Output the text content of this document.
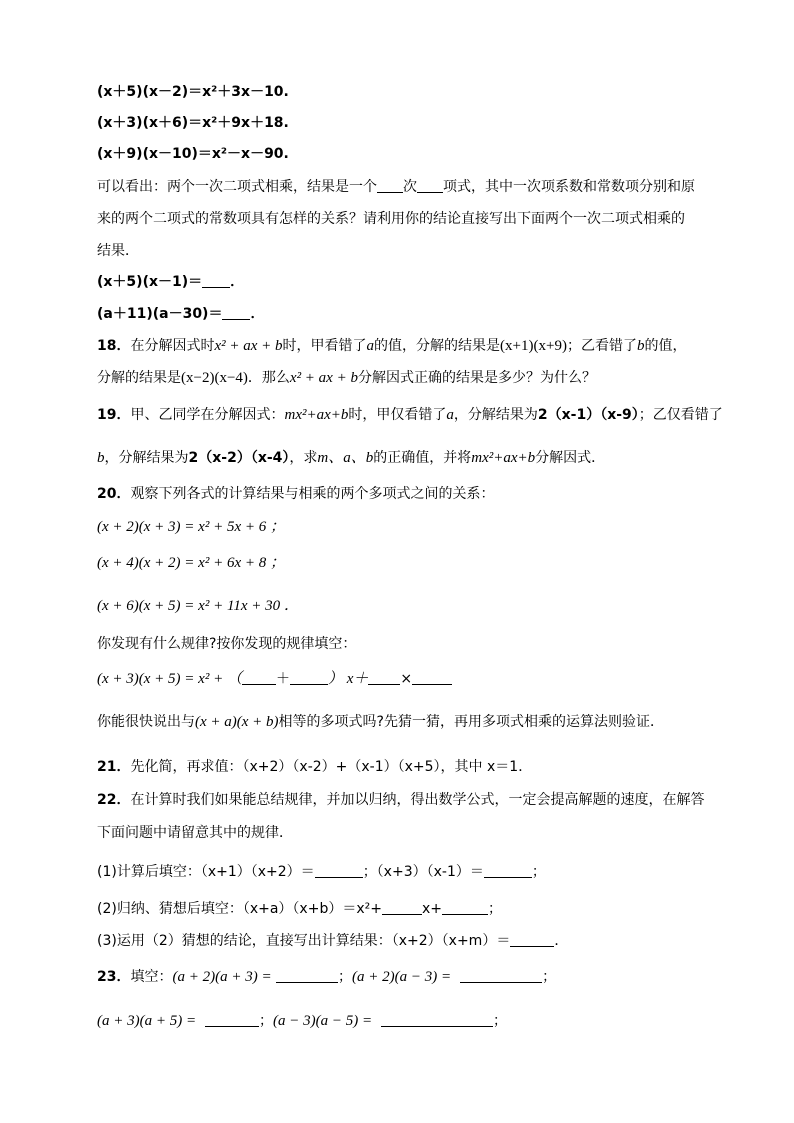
(x＋5)(x－2)＝x²＋3x－10.
(x＋3)(x＋6)＝x²＋9x＋18.
(x＋9)(x－10)＝x²－x－90.
可以看出：两个一次二项式相乘，结果是一个 次 项式，其中一次项系数和常数项分别和原
来的两个二项式的常数项具有怎样的关系？请利用你的结论直接写出下面两个一次二项式相乘的
结果．
(x＋5)(x－1)＝ ．
(a＋11)(a－30)＝ ．
18．在分解因式时x² + ax + b时，甲看错了a的值，分解的结果是(x+1)(x+9)；乙看错了b的值，
分解的结果是(x−2)(x−4)．那么x² + ax + b分解因式正确的结果是多少？为什么？
19．甲、乙同学在分解因式：mx²+ax+b时，甲仅看错了a，分解结果为2（x-1）（x-9）；乙仅看错了
b，分解结果为2（x-2）（x-4），求m、a、b的正确值，并将mx²+ax+b分解因式．
20．观察下列各式的计算结果与相乘的两个多项式之间的关系：
(x + 2)(x + 3) = x² + 5x + 6 ；
(x + 4)(x + 2) = x² + 6x + 8 ；
(x + 6)(x + 5) = x² + 11x + 30 ．
你发现有什么规律?按你发现的规律填空：
(x + 3)(x + 5) = x² + （ ＋	） x＋ ×
你能很快说出与(x + a)(x + b)相等的多项式吗?先猜一猜，再用多项式相乘的运算法则验证．
21．先化简，再求值：（x+2）（x-2）+（x-1）（x+5），其中 x＝1．
22．在计算时我们如果能总结规律，并加以归纳，得出数学公式，一定会提高解题的速度，在解答
下面问题中请留意其中的规律．
(1)计算后填空：（x+1）（x+2）＝	；（x+3）（x-1）＝	；
(2)归纳、猜想后填空：（x+a）（x+b）＝x²+	x+	；
(3)运用（2）猜想的结论，直接写出计算结果：（x+2）（x+m）＝	．
23．填空：(a + 2)(a + 3) =	；(a + 2)(a − 3) =	；
(a + 3)(a + 5) =	；(a − 3)(a − 5) =	；
